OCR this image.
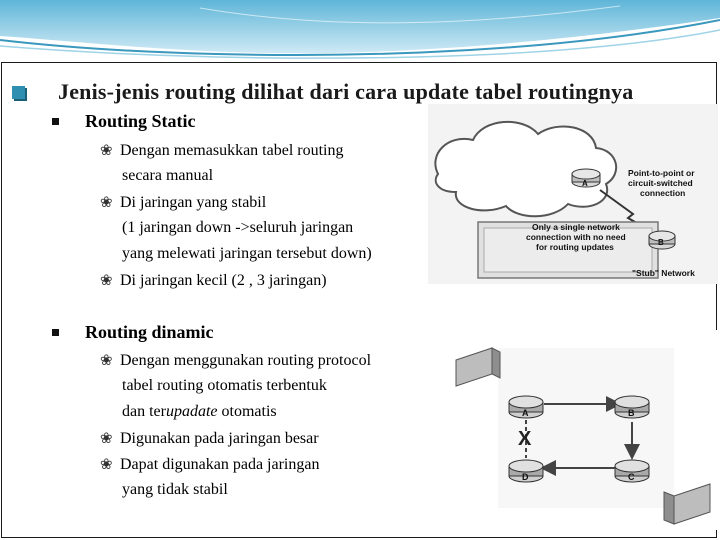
Jenis-jenis routing dilihat dari cara update tabel routingnya
Routing Static
❀ Dengan memasukkan tabel routing
secara manual
❀ Di jaringan yang stabil
(1 jaringan down ->seluruh jaringan
yang melewati jaringan tersebut down)
❀ Di jaringan kecil (2 , 3 jaringan)
Routing dinamic
❀ Dengan menggunakan routing protocol
tabel routing otomatis terbentuk
dan terupadate otomatis
❀ Digunakan pada jaringan besar
❀ Dapat digunakan pada jaringan
yang tidak stabil
A
B
Point-to-point or circuit-switched connection
Only a single network connection with no need for routing updates
"Stub" Network
A	B
D	C
X
